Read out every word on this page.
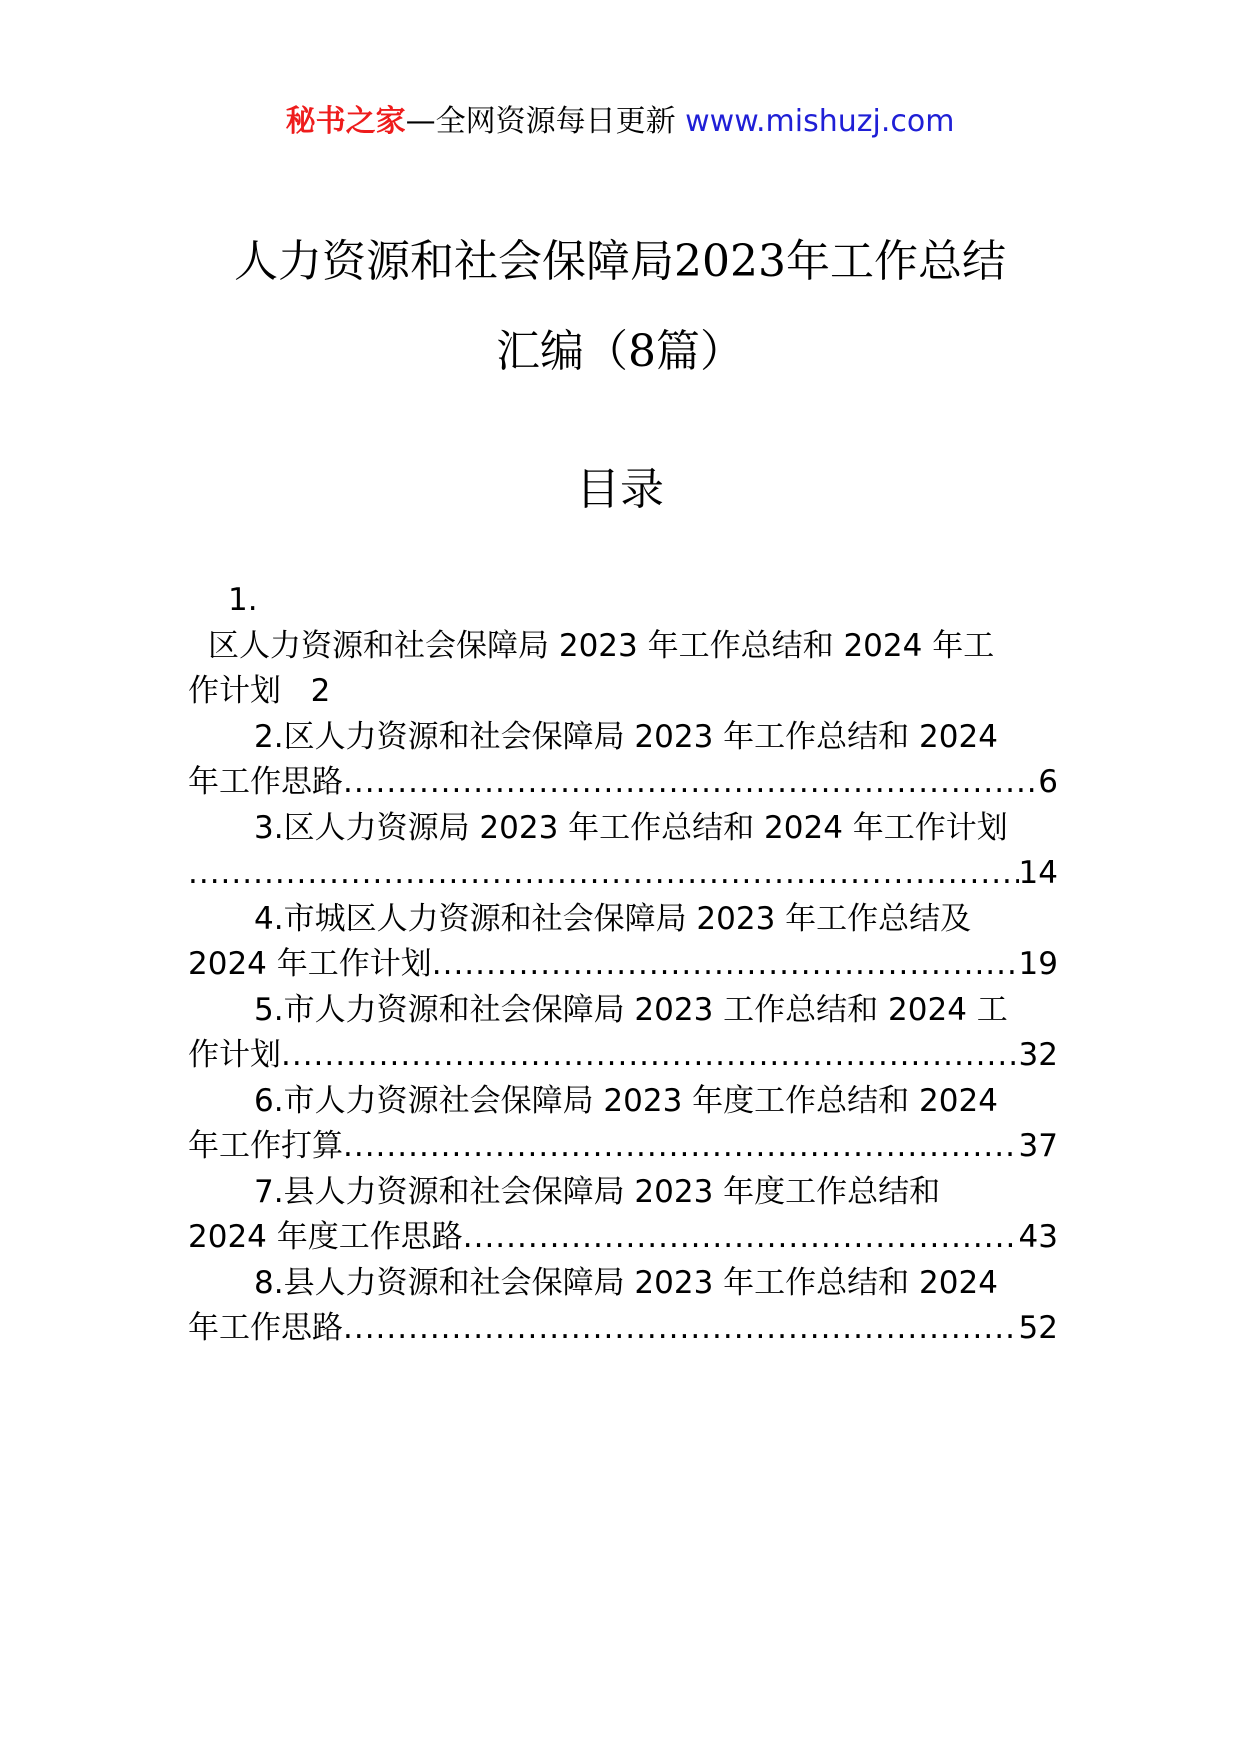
秘书之家—全网资源每日更新 www.mishuzj.com
人力资源和社会保障局2023年工作总结
汇编（8篇）
目录
1.
区人力资源和社会保障局 2023 年工作总结和 2024 年工
作计划 2
2.区人力资源和社会保障局 2023 年工作总结和 2024
年工作思路 .....	6
3.区人力资源局 2023 年工作总结和 2024 年工作计划
.....
14
4.市城区人力资源和社会保障局 2023 年工作总结及
2024 年工作计划 .....	19
5.市人力资源和社会保障局 2023 工作总结和 2024 工
作计划 .....	32
6.市人力资源社会保障局 2023 年度工作总结和 2024
年工作打算 .....	37
7.县人力资源和社会保障局 2023 年度工作总结和
2024 年度工作思路 .....	43
8.县人力资源和社会保障局 2023 年工作总结和 2024
年工作思路 .....	52
